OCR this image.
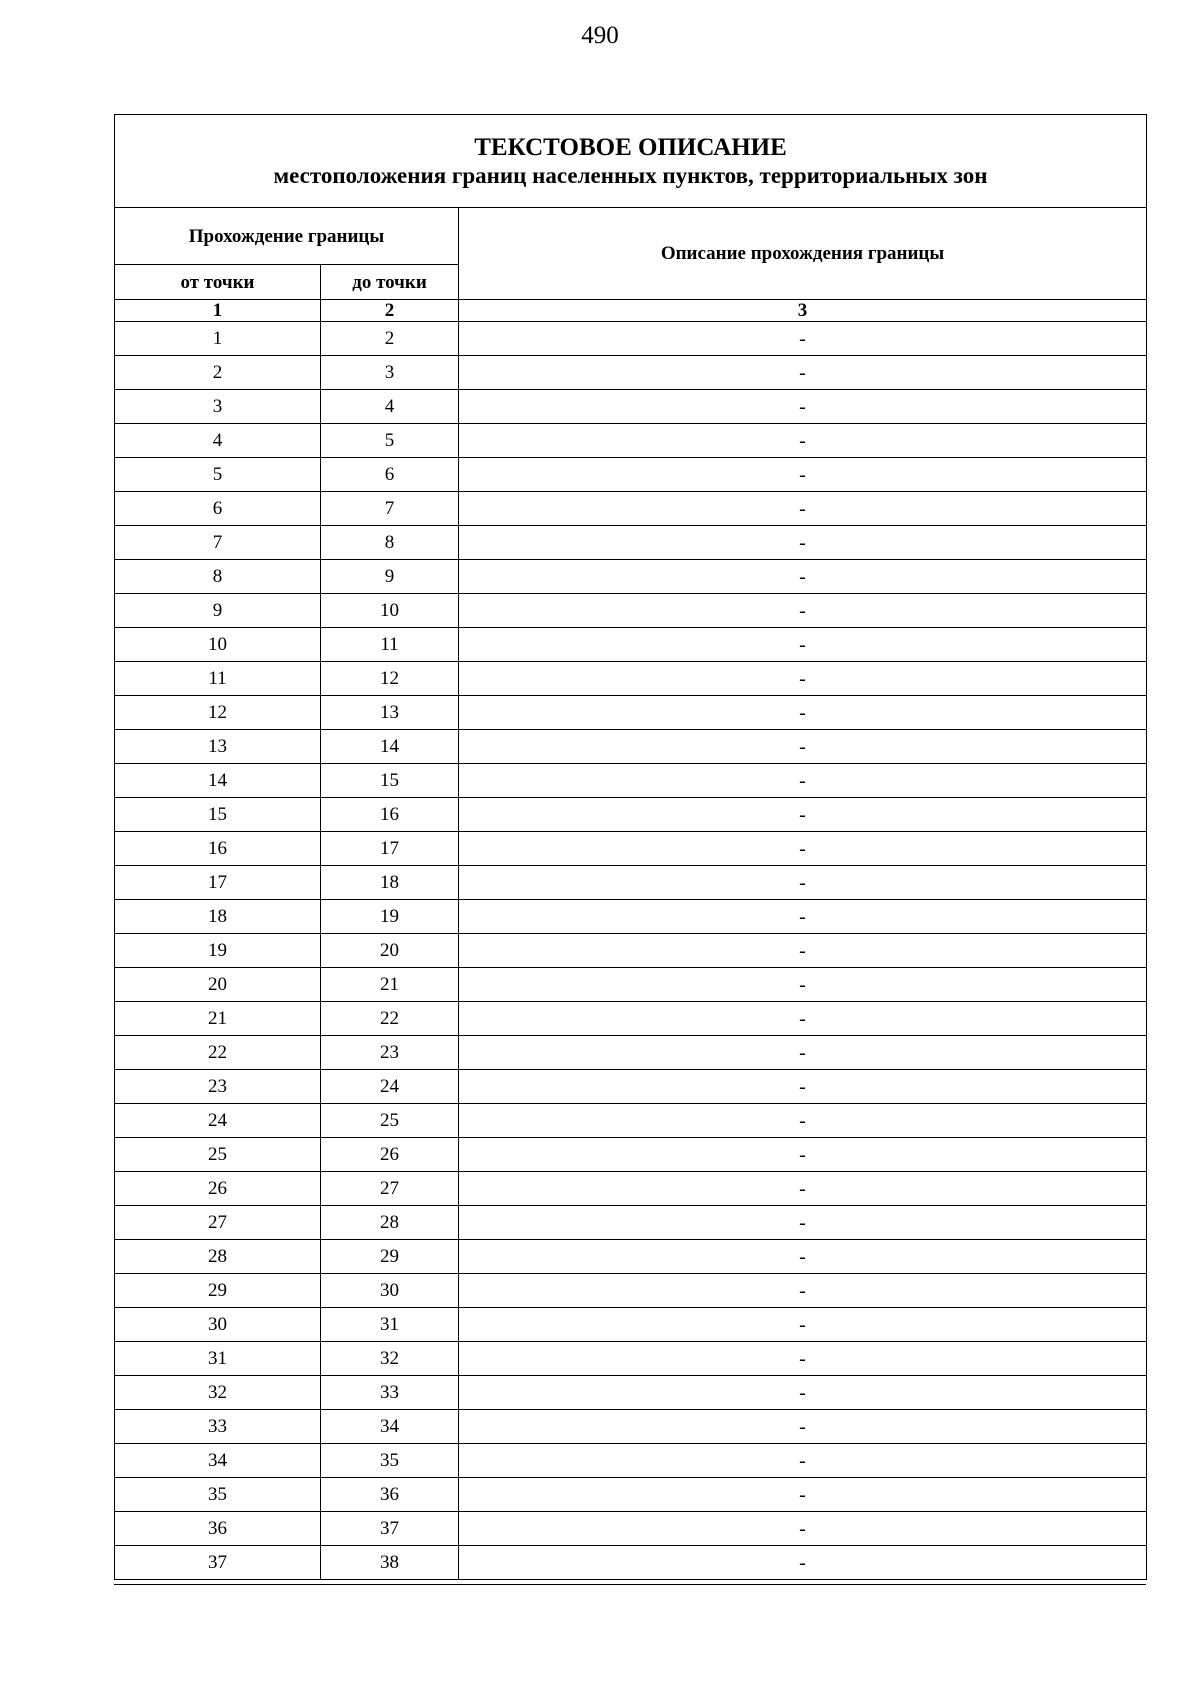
490
ТЕКСТОВОЕ ОПИСАНИЕ
местоположения границ населенных пунктов, территориальных зон		

Прохождение границы		Описание прохождения границы
от точки	до точки	
1	2	3
1	2	-
2	3	-
3	4	-
4	5	-
5	6	-
6	7	-
7	8	-
8	9	-
9	10	-
10	11	-
11	12	-
12	13	-
13	14	-
14	15	-
15	16	-
16	17	-
17	18	-
18	19	-
19	20	-
20	21	-
21	22	-
22	23	-
23	24	-
24	25	-
25	26	-
26	27	-
27	28	-
28	29	-
29	30	-
30	31	-
31	32	-
32	33	-
33	34	-
34	35	-
35	36	-
36	37	-
37	38	-
